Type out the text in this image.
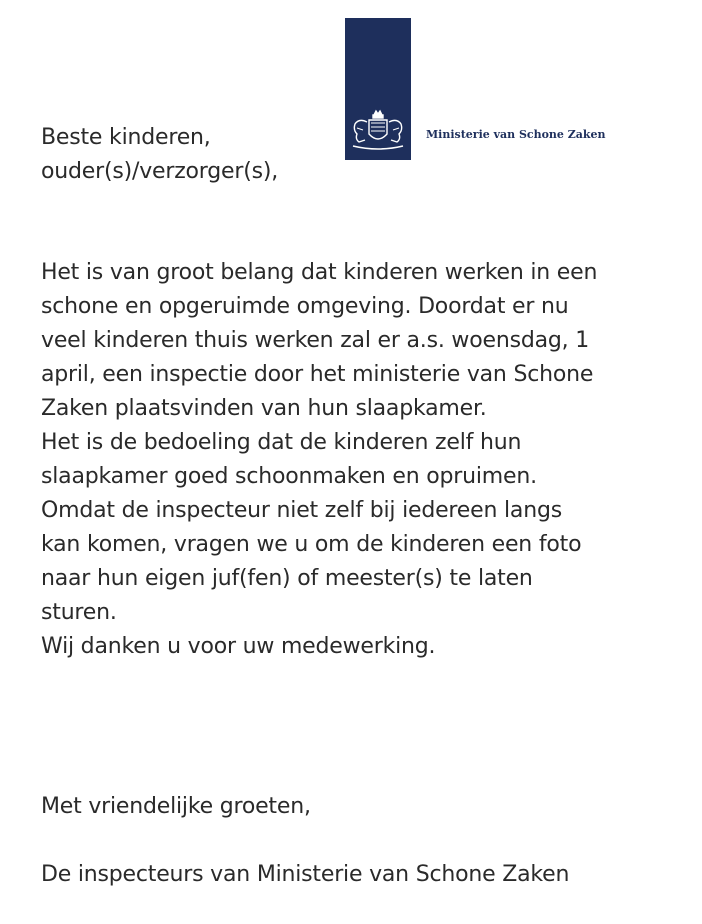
Ministerie van Schone Zaken
Beste kinderen,
ouder(s)/verzorger(s),
Het is van groot belang dat kinderen werken in een
schone en opgeruimde omgeving. Doordat er nu
veel kinderen thuis werken zal er a.s. woensdag, 1
april, een inspectie door het ministerie van Schone
Zaken plaatsvinden van hun slaapkamer.
Het is de bedoeling dat de kinderen zelf hun
slaapkamer goed schoonmaken en opruimen.
Omdat de inspecteur niet zelf bij iedereen langs
kan komen, vragen we u om de kinderen een foto
naar hun eigen juf(fen) of meester(s) te laten
sturen.
Wij danken u voor uw medewerking.
Met vriendelijke groeten,
De inspecteurs van Ministerie van Schone Zaken
